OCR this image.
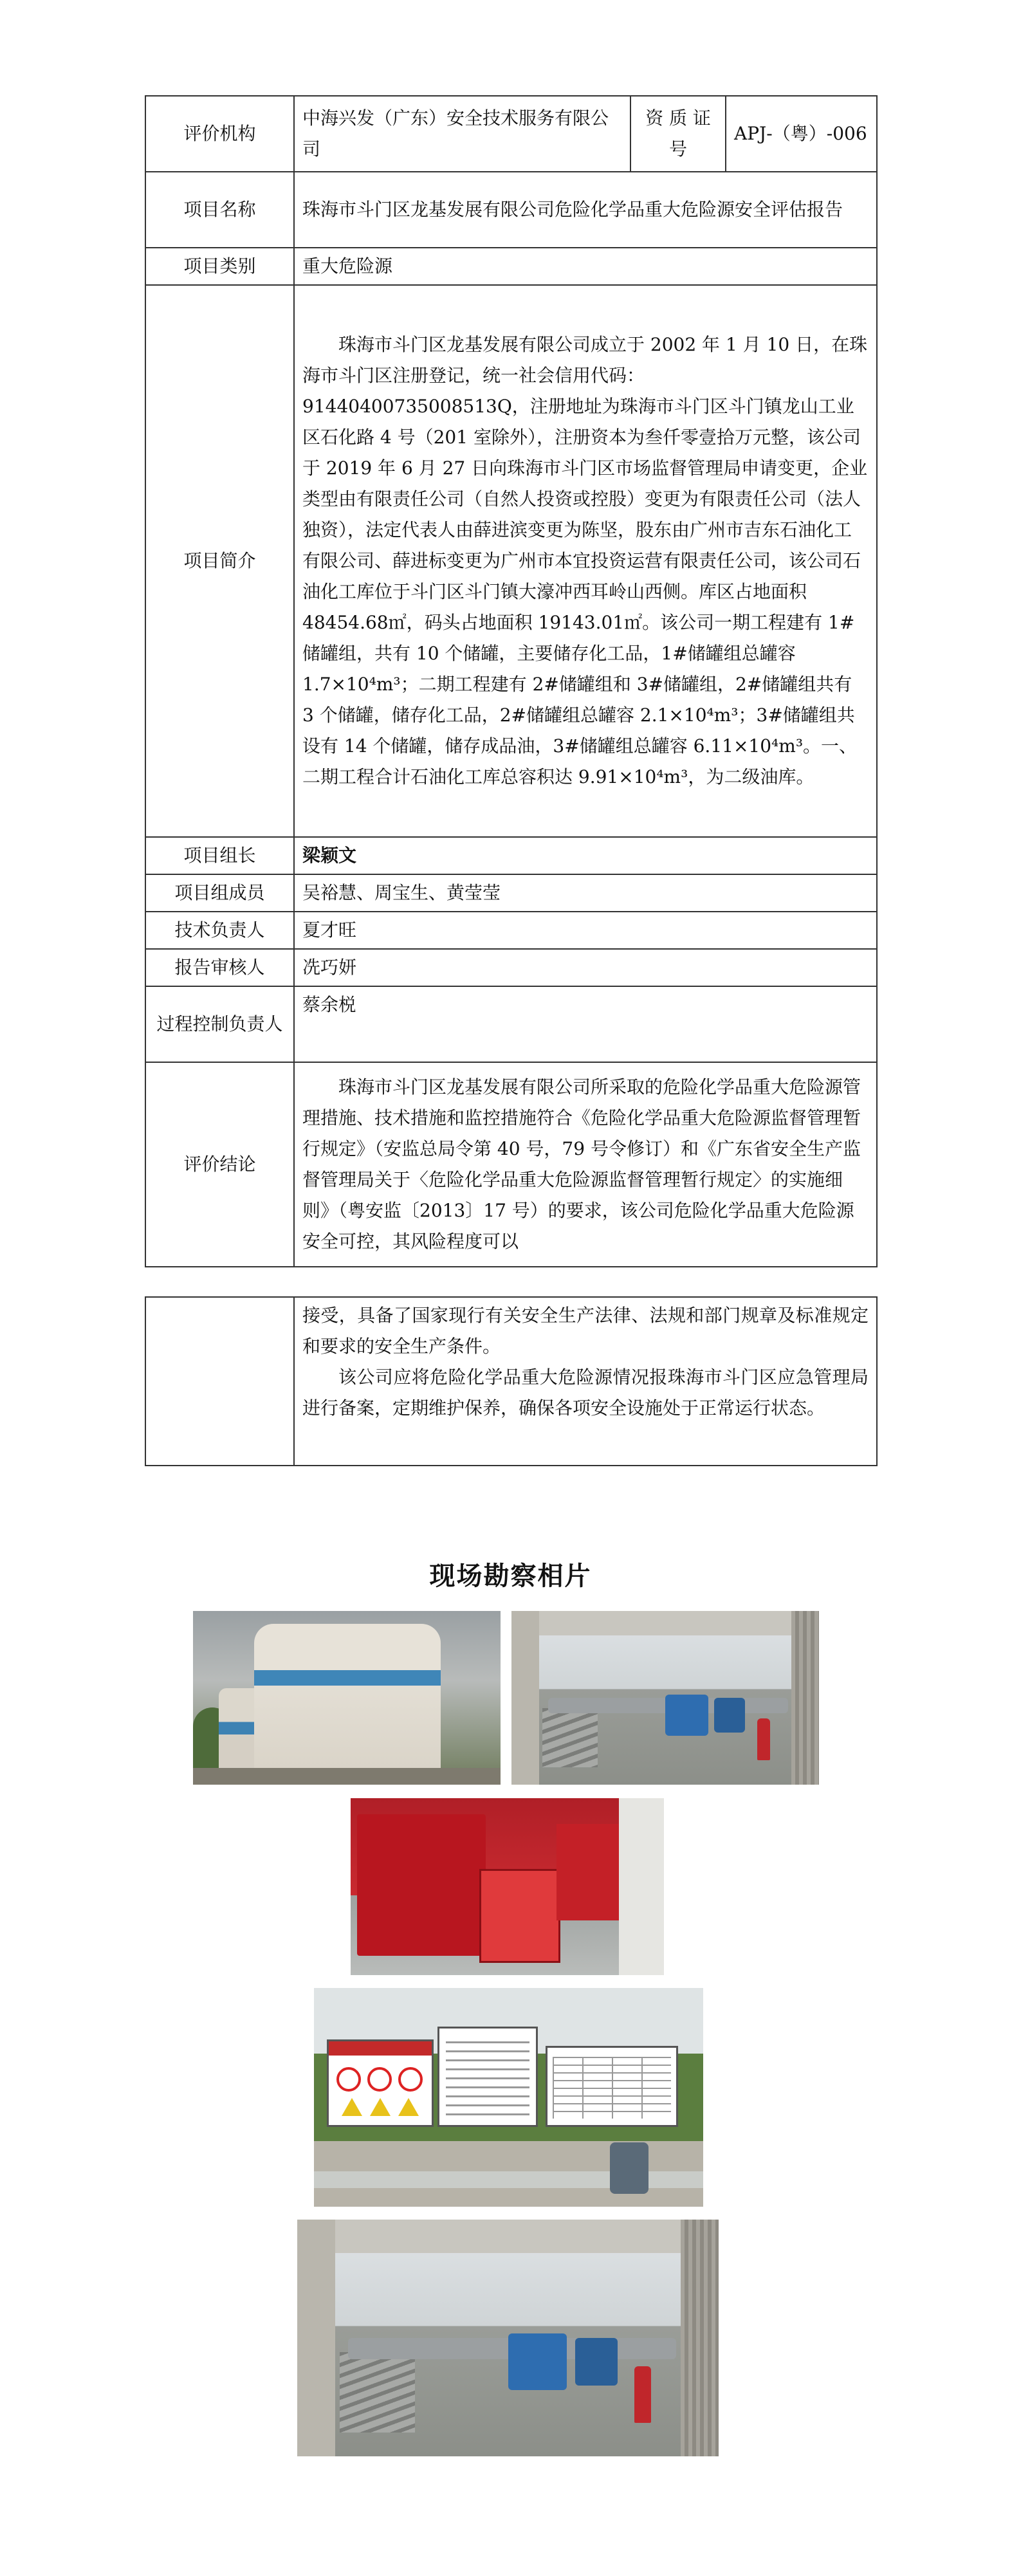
评价机构	中海兴发（广东）安全技术服务有限公司	资 质 证 号	APJ-（粤）-006
项目名称	珠海市斗门区龙基发展有限公司危险化学品重大危险源安全评估报告		
项目类别	重大危险源		
项目简介	珠海市斗门区龙基发展有限公司成立于 2002 年 1 月 10 日，在珠海市斗门区注册登记，统一社会信用代码：91440400735008513Q，注册地址为珠海市斗门区斗门镇龙山工业区石化路 4 号（201 室除外），注册资本为叁仟零壹拾万元整，该公司于 2019 年 6 月 27 日向珠海市斗门区市场监督管理局申请变更，企业类型由有限责任公司（自然人投资或控股）变更为有限责任公司（法人独资），法定代表人由薛进滨变更为陈坚，股东由广州市吉东石油化工有限公司、薛进标变更为广州市本宜投资运营有限责任公司，该公司石油化工库位于斗门区斗门镇大濠冲西耳岭山西侧。库区占地面积 48454.68㎡，码头占地面积 19143.01㎡。该公司一期工程建有 1#储罐组，共有 10 个储罐，主要储存化工品，1#储罐组总罐容 1.7×10⁴m³；二期工程建有 2#储罐组和 3#储罐组，2#储罐组共有 3 个储罐，储存化工品，2#储罐组总罐容 2.1×10⁴m³；3#储罐组共设有 14 个储罐，储存成品油，3#储罐组总罐容 6.11×10⁴m³。一、二期工程合计石油化工库总容积达 9.91×10⁴m³，为二级油库。		
项目组长	梁颖文		
项目组成员	吴裕慧、周宝生、黄莹莹		
技术负责人	夏才旺		
报告审核人	冼巧妍		
过程控制负责人	蔡余棁		
评价结论	珠海市斗门区龙基发展有限公司所采取的危险化学品重大危险源管理措施、技术措施和监控措施符合《危险化学品重大危险源监督管理暂行规定》（安监总局令第 40 号，79 号令修订）和《广东省安全生产监督管理局关于〈危险化学品重大危险源监督管理暂行规定〉的实施细则》（粤安监〔2013〕17 号）的要求，该公司危险化学品重大危险源安全可控，其风险程度可以		

接受，具备了国家现行有关安全生产法律、法规和部门规章及标准规定和要求的安全生产条件。
该公司应将危险化学品重大危险源情况报珠海市斗门区应急管理局进行备案，定期维护保养，确保各项安全设施处于正常运行状态。
现场勘察相片
